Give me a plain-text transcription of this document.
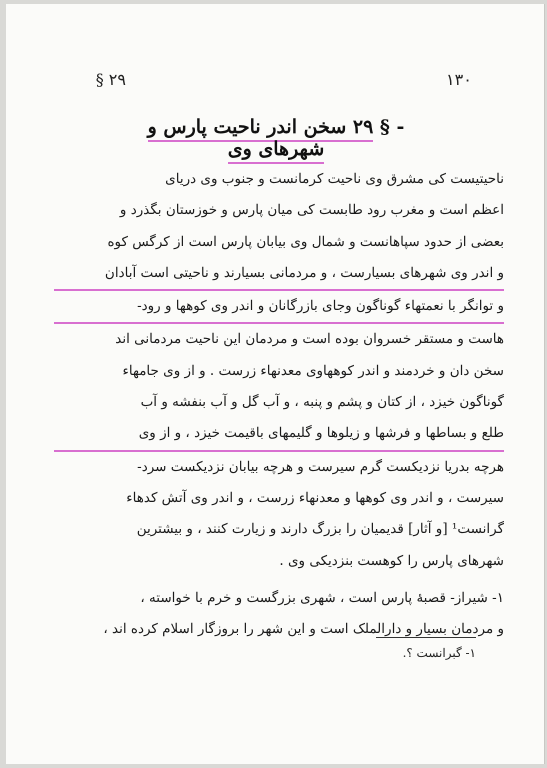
۱۳۰
§ ۲۹
- § ۲۹ سخن اندر ناحیت پارس و شهرهای وی
ناحیتیست کی مشرق وی ناحیت کرمانست و جنوب وی دریای
اعظم است و مغرب رود طابست کی میان پارس و خوزستان بگذرد و
بعضی از حدود سپاهانست و شمال وی بیابان پارس است از کرگس کوه
و اندر وی شهرهای بسیارست ، و مردمانی بسیارند و ناحیتی است آبادان
و توانگر با نعمتهاء گوناگون وجای بازرگانان و اندر وی کوهها و رود-
هاست و مستقر خسروان بوده است و مردمان این ناحیت مردمانی اند
سخن دان و خردمند و اندر کوههاوی معدنهاء زرست . و از وی جامهاء
گوناگون خیزد ، از کتان و پشم و پنبه ، و آب گل و آب بنفشه و آب
طلع و بساطها و فرشها و زیلوها و گلیمهای باقیمت خیزد ، و از وی
هرچه بدریا نزدیکست گرم سیرست و هرچه بیابان نزدیکست سرد-
سیرست ، و اندر وی کوهها و معدنهاء زرست ، و اندر وی آتش کدهاء
گرانست¹ [و آثار] قدیمیان را بزرگ دارند و زیارت کنند ، و بیشترین
شهرهای پارس را کوهست بنزدیکی وی .
۱- شیراز- قصبهٔ پارس است ، شهری بزرگست و خرم با خواسته ،
و مردمان بسیار و دارالملک است و این شهر را بروزگار اسلام کرده اند ،
۱- گبرانست ؟.
